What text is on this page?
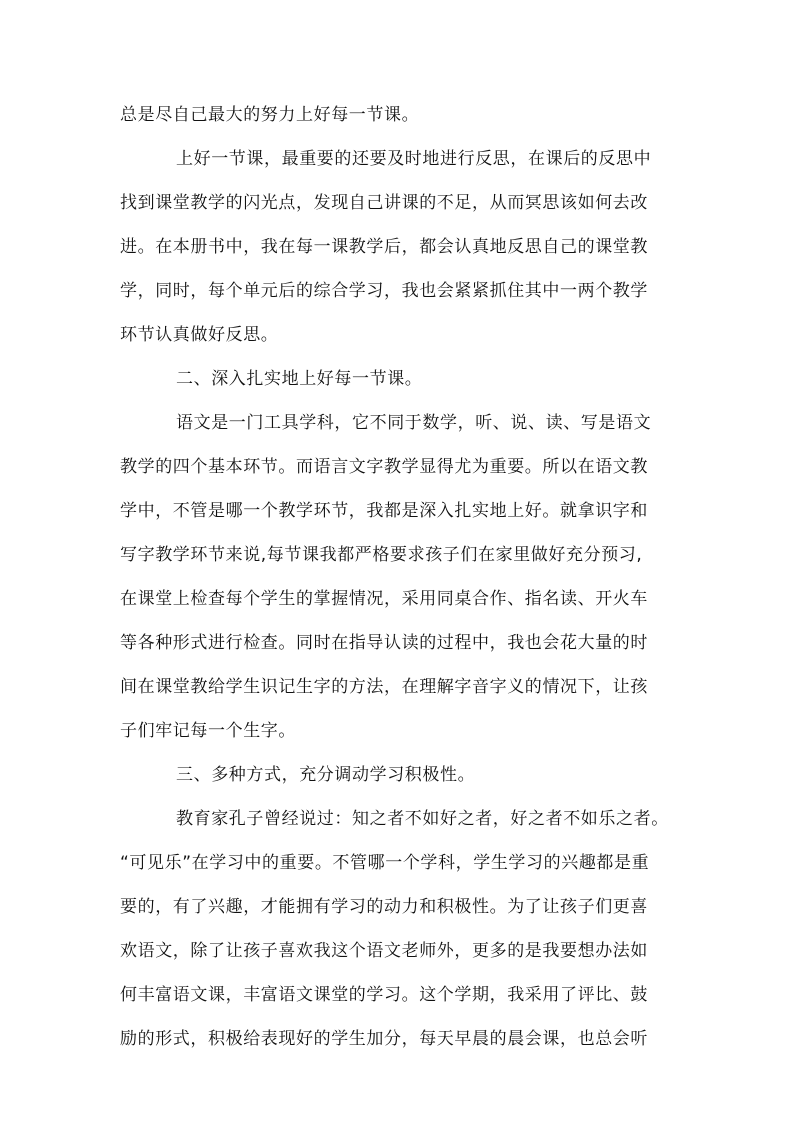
总是尽自己最大的努力上好每一节课。
上好一节课，最重要的还要及时地进行反思，在课后的反思中
找到课堂教学的闪光点，发现自己讲课的不足，从而冥思该如何去改
进。在本册书中，我在每一课教学后，都会认真地反思自己的课堂教
学，同时，每个单元后的综合学习，我也会紧紧抓住其中一两个教学
环节认真做好反思。
二、深入扎实地上好每一节课。
语文是一门工具学科，它不同于数学，听、说、读、写是语文
教学的四个基本环节。而语言文字教学显得尤为重要。所以在语文教
学中，不管是哪一个教学环节，我都是深入扎实地上好。就拿识字和
写字教学环节来说,每节课我都严格要求孩子们在家里做好充分预习,
在课堂上检查每个学生的掌握情况，采用同桌合作、指名读、开火车
等各种形式进行检查。同时在指导认读的过程中，我也会花大量的时
间在课堂教给学生识记生字的方法，在理解字音字义的情况下，让孩
子们牢记每一个生字。
三、多种方式，充分调动学习积极性。
教育家孔子曾经说过：知之者不如好之者，好之者不如乐之者。
“可见乐”在学习中的重要。不管哪一个学科，学生学习的兴趣都是重
要的，有了兴趣，才能拥有学习的动力和积极性。为了让孩子们更喜
欢语文，除了让孩子喜欢我这个语文老师外，更多的是我要想办法如
何丰富语文课，丰富语文课堂的学习。这个学期，我采用了评比、鼓
励的形式，积极给表现好的学生加分，每天早晨的晨会课，也总会听
